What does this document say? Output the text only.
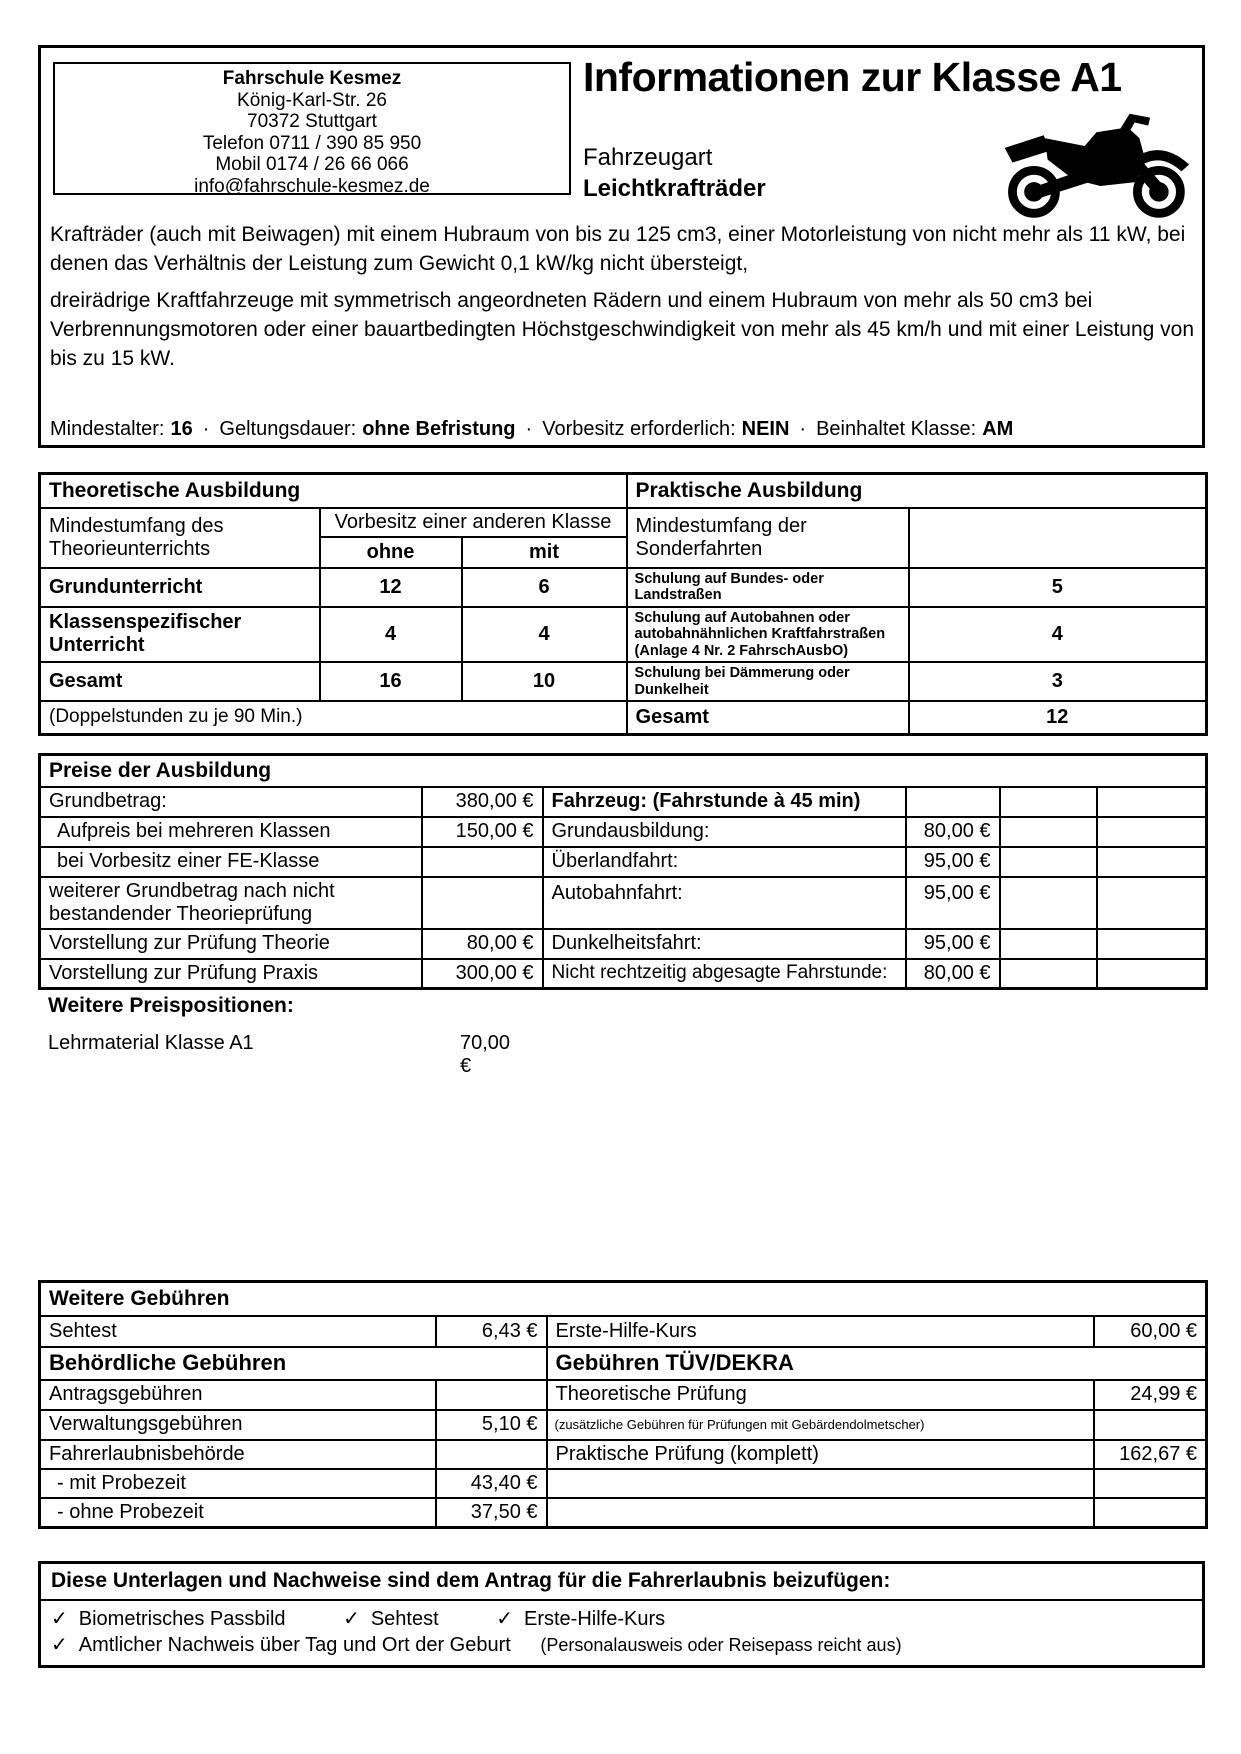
Fahrschule Kesmez
König-Karl-Str. 26
70372 Stuttgart
Telefon 0711 / 390 85 950
Mobil 0174 / 26 66 066
info@fahrschule-kesmez.de
Informationen zur Klasse A1
Fahrzeugart
Leichtkrafträder
Krafträder (auch mit Beiwagen) mit einem Hubraum von bis zu 125 cm3, einer Motorleistung von nicht mehr als 11 kW, bei denen das Verhältnis der Leistung zum Gewicht 0,1 kW/kg nicht übersteigt,
dreirädrige Kraftfahrzeuge mit symmetrisch angeordneten Rädern und einem Hubraum von mehr als 50 cm3 bei Verbrennungsmotoren oder einer bauartbedingten Höchstgeschwindigkeit von mehr als 45 km/h und mit einer Leistung von bis zu 15 kW.
Mindestalter: 16 · Geltungsdauer: ohne Befristung · Vorbesitz erforderlich: NEIN · Beinhaltet Klasse: AM
Theoretische Ausbildung			Praktische Ausbildung	
Mindestumfang des Theorieunterrichts	Vorbesitz einer anderen Klasse		Mindestumfang der Sonderfahrten	
	ohne	mit		
Grundunterricht	12	6	Schulung auf Bundes- oder Landstraßen	5
Klassenspezifischer Unterricht	4	4	Schulung auf Autobahnen oder autobahnähnlichen Kraftfahrstraßen (Anlage 4 Nr. 2 FahrschAusbO)	4
Gesamt	16	10	Schulung bei Dämmerung oder Dunkelheit	3
(Doppelstunden zu je 90 Min.)			Gesamt	12
Preise der Ausbildung					
Grundbetrag:	380,00 €	Fahrzeug: (Fahrstunde à 45 min)			
Aufpreis bei mehreren Klassen	150,00 €	Grundausbildung:	80,00 €		
bei Vorbesitz einer FE-Klasse		Überlandfahrt:	95,00 €		
weiterer Grundbetrag nach nicht bestandender Theorieprüfung		Autobahnfahrt:	95,00 €		
Vorstellung zur Prüfung Theorie	80,00 €	Dunkelheitsfahrt:	95,00 €		
Vorstellung zur Prüfung Praxis	300,00 €	Nicht rechtzeitig abgesagte Fahrstunde:	80,00 €		
Weitere Preispositionen:
Lehrmaterial Klasse A1	70,00 €
Weitere Gebühren			
Sehtest	6,43 €	Erste-Hilfe-Kurs	60,00 €
Behördliche Gebühren		Gebühren TÜV/DEKRA	
Antragsgebühren		Theoretische Prüfung	24,99 €
Verwaltungsgebühren	5,10 €	(zusätzliche Gebühren für Prüfungen mit Gebärdendolmetscher)	
Fahrerlaubnisbehörde		Praktische Prüfung (komplett)	162,67 €
- mit Probezeit	43,40 €		
- ohne Probezeit	37,50 €		
Diese Unterlagen und Nachweise sind dem Antrag für die Fahrerlaubnis beizufügen:
✓ Biometrisches Passbild	✓ Sehtest	✓ Erste-Hilfe-Kurs
✓ Amtlicher Nachweis über Tag und Ort der Geburt (Personalausweis oder Reisepass reicht aus)
